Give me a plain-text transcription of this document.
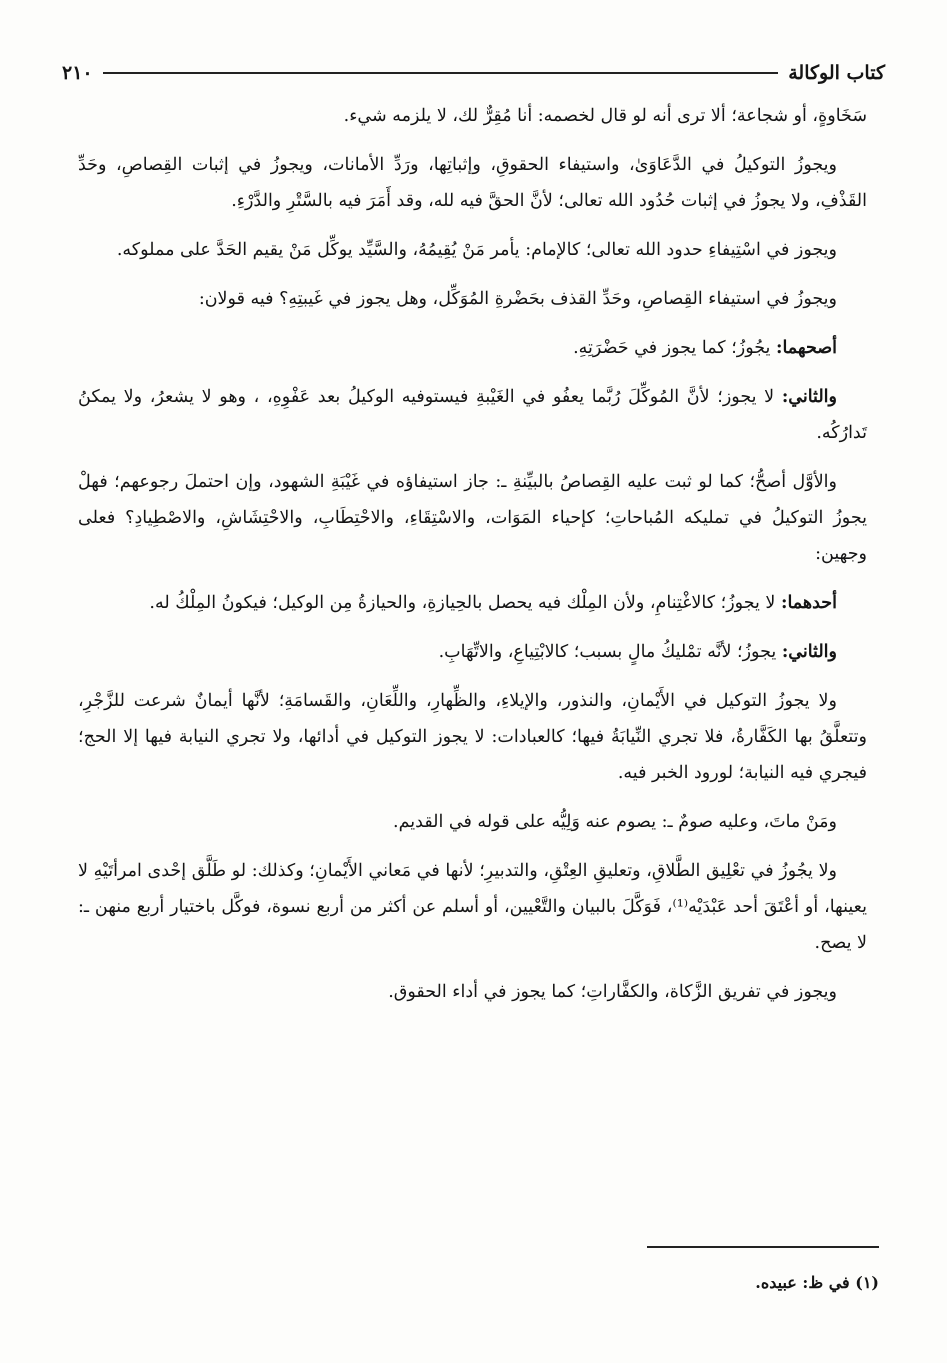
كتاب الوكالة
٢١٠

سَخَاوةٍ، أو شجاعة؛ ألا ترى أنه لو قال لخصمه: أنا مُقِرٌّ لك، لا يلزمه شيء.

ويجوزُ التوكيلُ في الدَّعَاوَىٰ، واستيفاء الحقوقِ، وإثباتِها، ورَدِّ الأمانات، ويجوزُ في إثبات القِصاصِ، وحَدِّ القَذْفِ، ولا يجوزُ في إثبات حُدُود الله تعالى؛ لأنَّ الحقَّ فيه لله، وقد أَمَرَ فيه بالسَّتْرِ والدَّرْءِ.

ويجوز في اسْتِيفاءِ حدود الله تعالى؛ كالإمام: يأمر مَنْ يُقِيمُهُ، والسَّيِّد يوكِّل مَنْ يقيم الحَدَّ على مملوكه.

ويجوزُ في استيفاء القِصاصِ، وحَدِّ القذف بحَضْرةِ المُوَكِّل، وهل يجوز في غَيبتِهِ؟ فيه قولان:

أصحهما: يجُوزُ؛ كما يجوز في حَضْرَتِهِ.

والثاني: لا يجوز؛ لأنَّ المُوكِّلَ رُبَّما يعفُو في الغَيْبةِ فيستوفيه الوكيلُ بعد عَفْوِهِ، ، وهو لا يشعرُ، ولا يمكنُ تَدارُكُه.

والأوَّل أصحُّ؛ كما لو ثبت عليه القِصاصُ بالبيِّنةِ ـ: جاز استيفاؤه في غَيْبَةِ الشهود، وإن احتملَ رجوعهم؛ فهلْ يجوزُ التوكيلُ في تمليكه المُباحاتِ؛ كإحياء المَوَات، والاسْتِقَاءِ، والاحْتِطَابِ، والاحْتِشَاشِ، والاصْطِيادِ؟ فعلى وجهين:

أحدهما: لا يجوزُ؛ كالاغْتِنامِ، ولأن المِلْك فيه يحصل بالحِيازةِ، والحيازةُ مِن الوكيل؛ فيكونُ المِلْكُ له.

والثاني: يجوزُ؛ لأنَّه تمْليكُ مالٍ بسبب؛ كالابْتِياعِ، والاتِّهَابِ.

ولا يجوزُ التوكيل في الأَيْمانِ، والنذور، والإيلاءِ، والظِّهارِ، واللِّعَانِ، والقَسامَةِ؛ لأنَّها أيمانٌ شرعت للزَّجْرِ، وتتعلَّقُ بها الكَفَّارةُ، فلا تجري النِّيابَةُ فيها؛ كالعبادات: لا يجوز التوكيل في أدائها، ولا تجري النيابة فيها إلا الحج؛ فيجري فيه النيابة؛ لورود الخبر فيه.

ومَنْ ماتَ، وعليه صومٌ ـ: يصوم عنه وَلِيُّه على قوله في القديم.

ولا يجُوزُ في تعْلِيق الطَّلاقِ، وتعليقِ العِتْقِ، والتدبيرِ؛ لأنها في مَعاني الأَيْمانِ؛ وكذلك: لو طَلَّق إحْدى امرأتَيْهِ لا يعينها، أو أعْتَقَ أحد عَبْدَيْه⁽¹⁾، فَوَكَّلَ بالبيان والتَّعْيين، أو أسلم عن أكثر من أربع نسوة، فوكَّل باختيار أربع منهن ـ: لا يصح.

ويجوز في تفريق الزَّكاة، والكفَّاراتِ؛ كما يجوز في أداء الحقوق.

(١) في ظ: عبيده.
